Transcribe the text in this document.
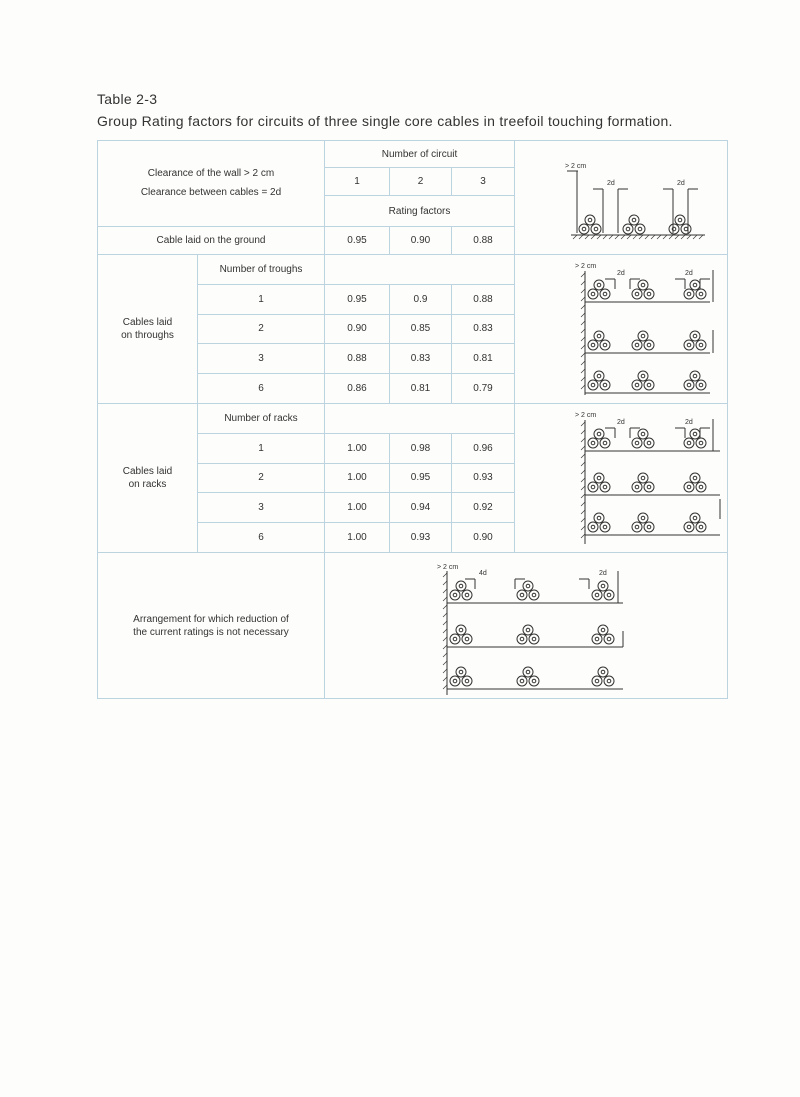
Table 2-3
Group Rating factors for circuits of three single core cables in treefoil touching formation.
Clearance of the wall > 2 cm
Clearance between cables = 2d		Number of circuit			> 2 cm
2d 2d

		1	2	3	
		Rating factors			
Cable laid on the ground		0.95	0.90	0.88	

Cables laid
on throughs	Number of troughs				> 2 cm
2d 2d

	1	0.95	0.9	0.88	
	2	0.90	0.85	0.83	
	3	0.88	0.83	0.81	
	6	0.86	0.81	0.79	

Cables laid
on racks	Number of racks				> 2 cm
2d 2d

	1	1.00	0.98	0.96	
	2	1.00	0.95	0.93	
	3	1.00	0.94	0.92	
	6	1.00	0.93	0.90	

Arrangement for which reduction of
the current ratings is not necessary		> 2 cm
4d 2d			
